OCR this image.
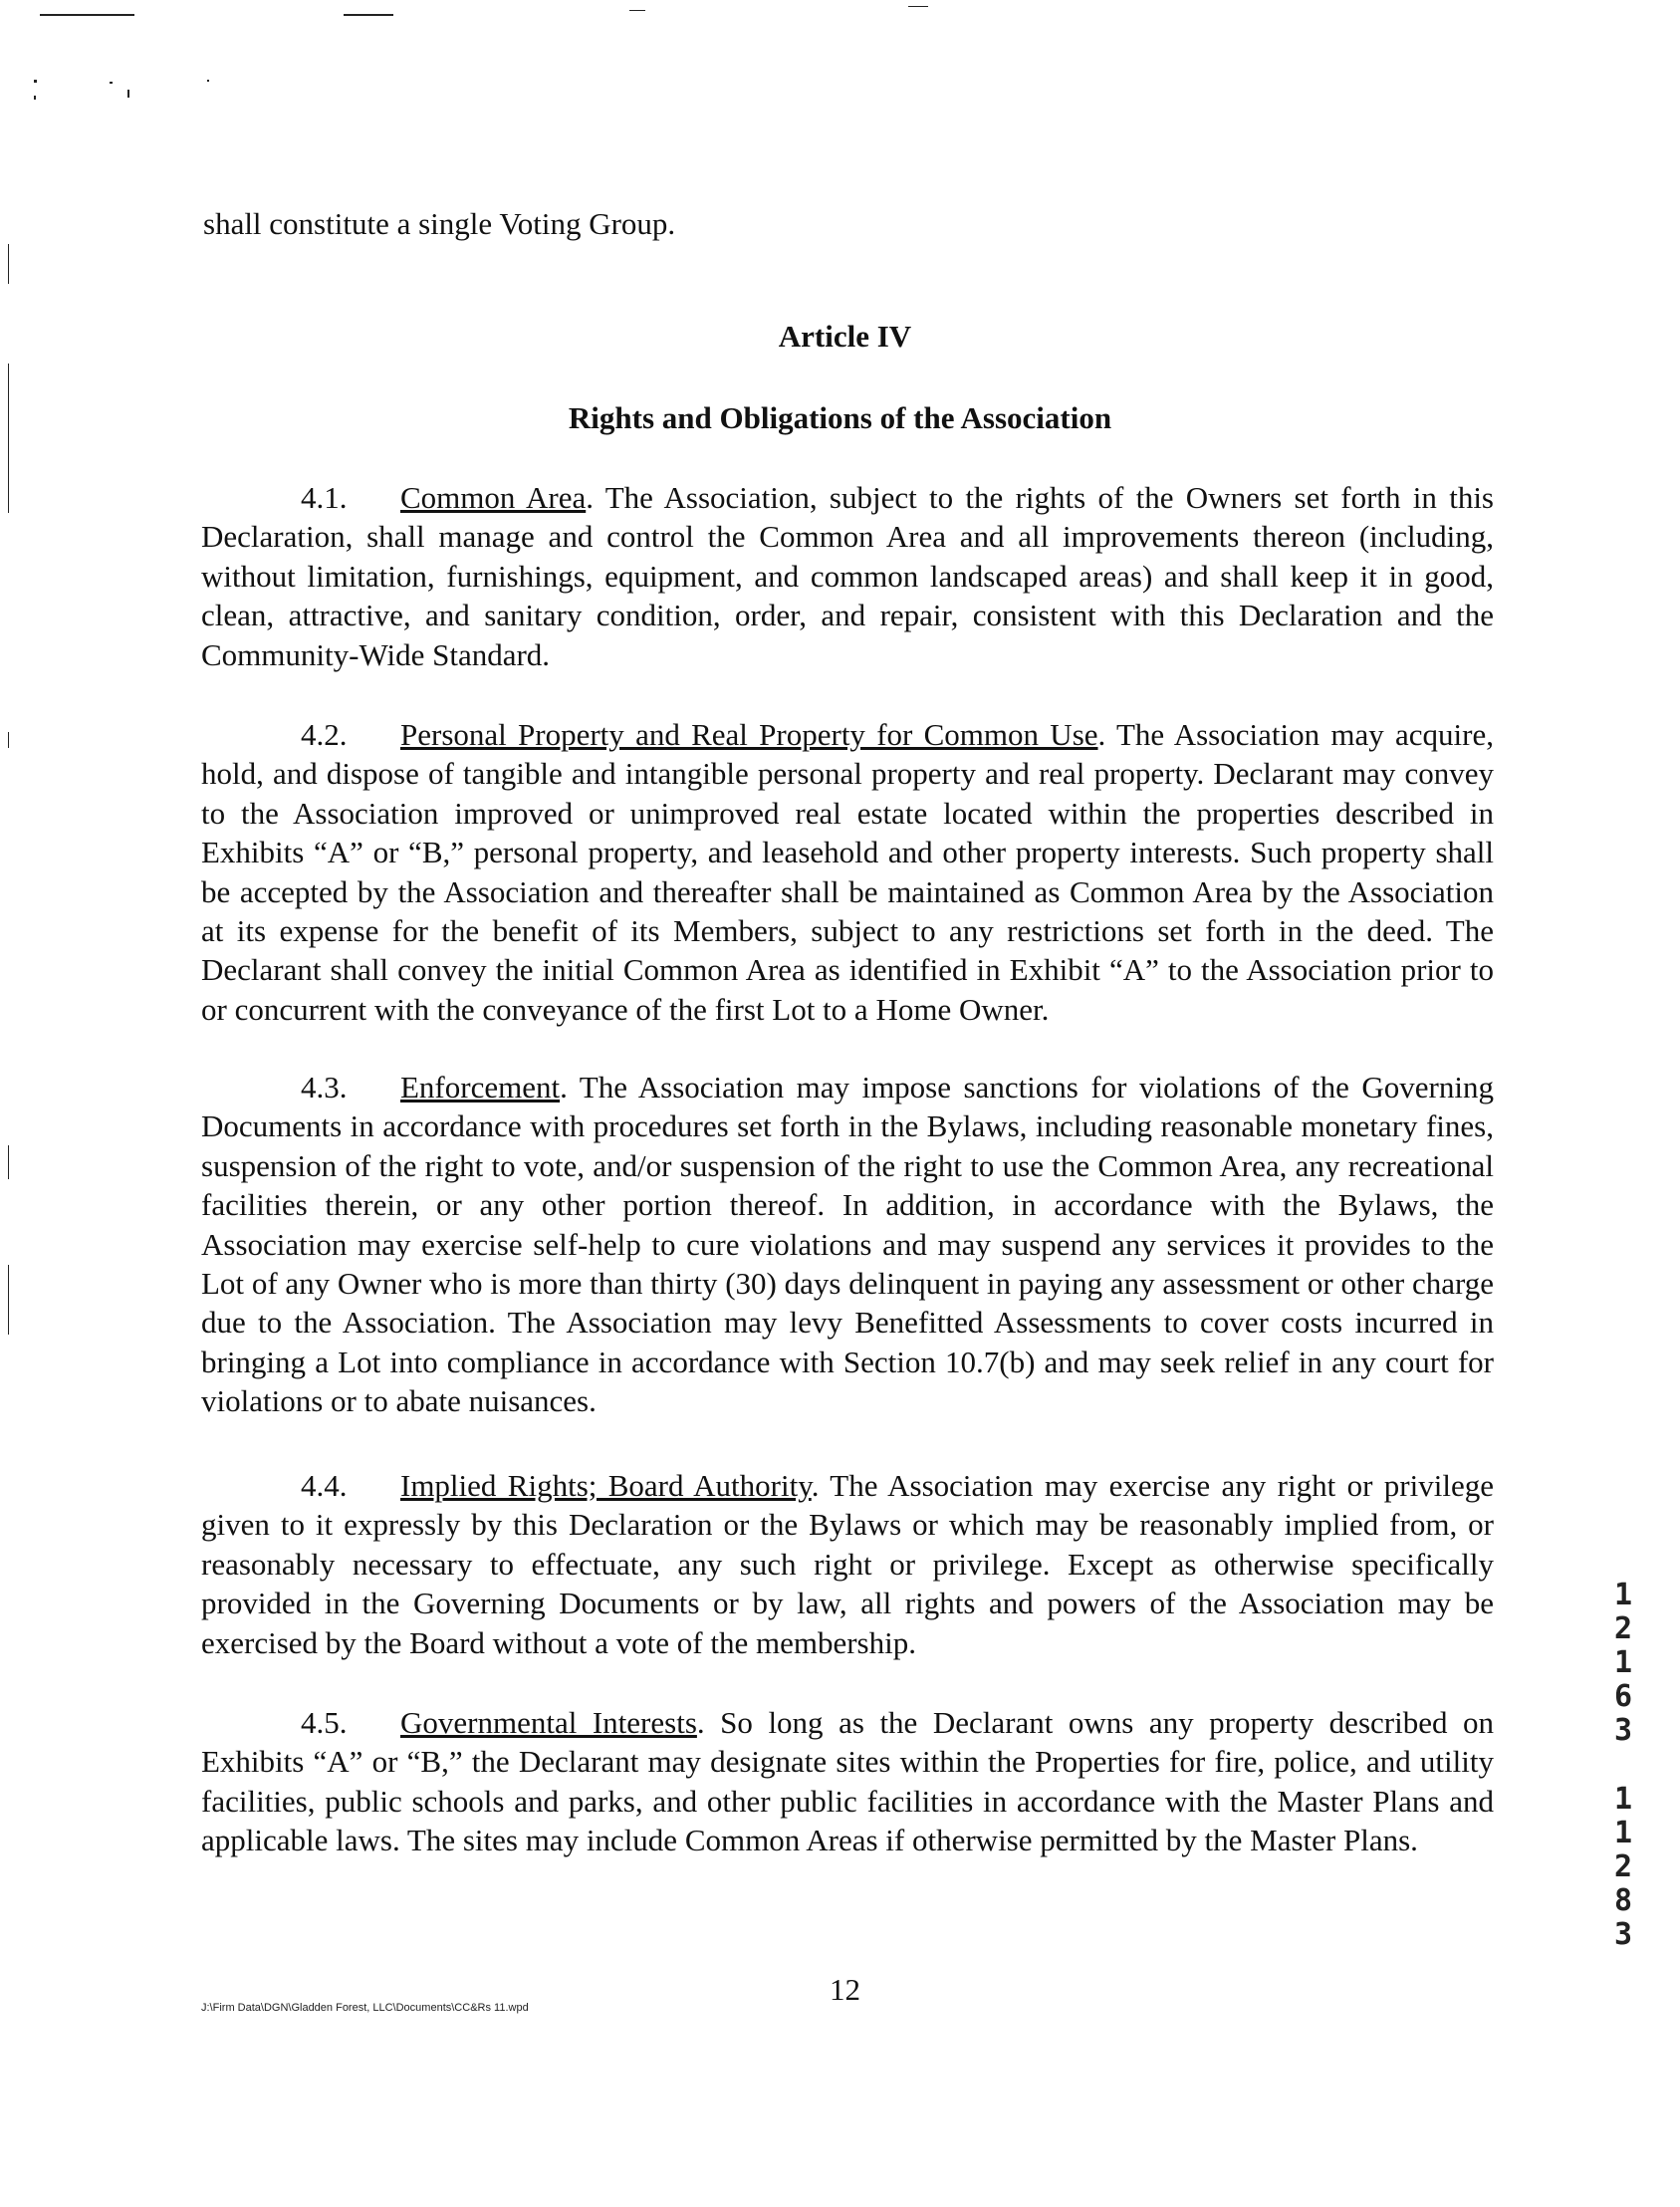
shall constitute a single Voting Group.
Article IV
Rights and Obligations of the Association
4.1. Common Area. The Association, subject to the rights of the Owners set forth in this Declaration, shall manage and control the Common Area and all improvements thereon (including, without limitation, furnishings, equipment, and common landscaped areas) and shall keep it in good, clean, attractive, and sanitary condition, order, and repair, consistent with this Declaration and the Community-Wide Standard.
4.2. Personal Property and Real Property for Common Use. The Association may acquire, hold, and dispose of tangible and intangible personal property and real property. Declarant may convey to the Association improved or unimproved real estate located within the properties described in Exhibits “A” or “B,” personal property, and leasehold and other property interests. Such property shall be accepted by the Association and thereafter shall be maintained as Common Area by the Association at its expense for the benefit of its Members, subject to any restrictions set forth in the deed. The Declarant shall convey the initial Common Area as identified in Exhibit “A” to the Association prior to or concurrent with the conveyance of the first Lot to a Home Owner.
4.3. Enforcement. The Association may impose sanctions for violations of the Governing Documents in accordance with procedures set forth in the Bylaws, including reasonable monetary fines, suspension of the right to vote, and/or suspension of the right to use the Common Area, any recreational facilities therein, or any other portion thereof. In addition, in accordance with the Bylaws, the Association may exercise self-help to cure violations and may suspend any services it provides to the Lot of any Owner who is more than thirty (30) days delinquent in paying any assessment or other charge due to the Association. The Association may levy Benefitted Assessments to cover costs incurred in bringing a Lot into compliance in accordance with Section 10.7(b) and may seek relief in any court for violations or to abate nuisances.
4.4. Implied Rights; Board Authority. The Association may exercise any right or privilege given to it expressly by this Declaration or the Bylaws or which may be reasonably implied from, or reasonably necessary to effectuate, any such right or privilege. Except as otherwise specifically provided in the Governing Documents or by law, all rights and powers of the Association may be exercised by the Board without a vote of the membership.
4.5. Governmental Interests. So long as the Declarant owns any property described on Exhibits “A” or “B,” the Declarant may designate sites within the Properties for fire, police, and utility facilities, public schools and parks, and other public facilities in accordance with the Master Plans and applicable laws. The sites may include Common Areas if otherwise permitted by the Master Plans.
12
J:\Firm Data\DGN\Gladden Forest, LLC\Documents\CC&Rs 11.wpd
1
2
1
6
3
1
1
2
8
3
